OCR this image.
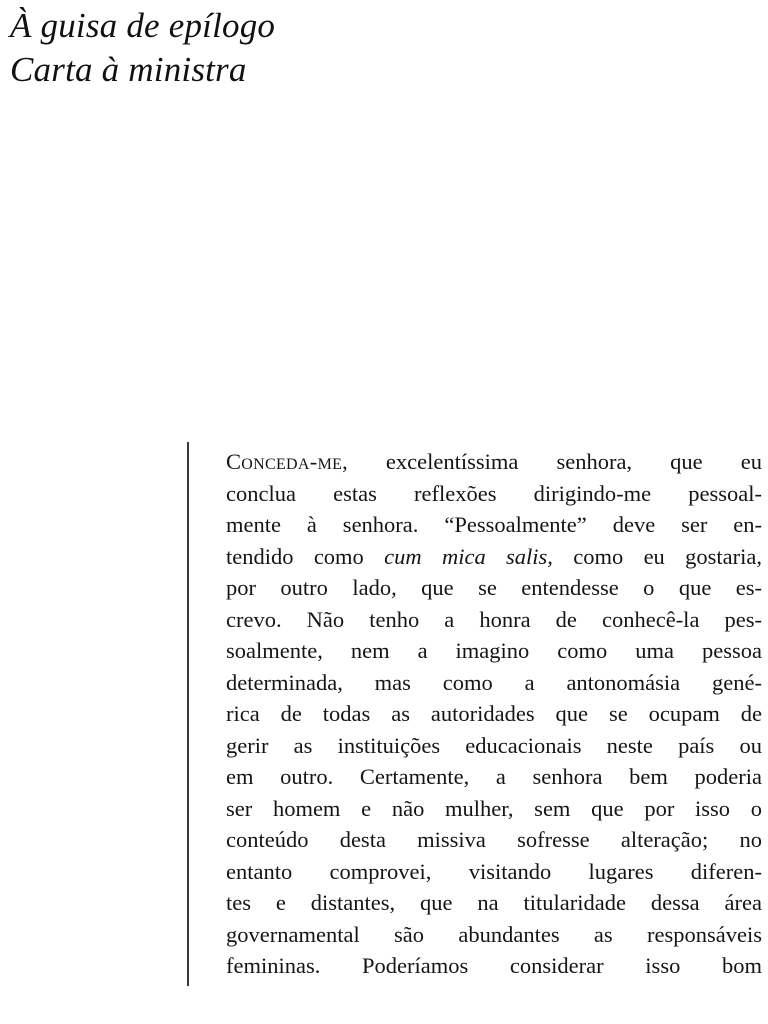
À guisa de epílogo
Carta à ministra
Conceda-me, excelentíssima senhora, que eu
conclua estas reflexões dirigindo-me pessoal-
mente à senhora. “Pessoalmente” deve ser en-
tendido como cum mica salis, como eu gostaria,
por outro lado, que se entendesse o que es-
crevo. Não tenho a honra de conhecê-la pes-
soalmente, nem a imagino como uma pessoa
determinada, mas como a antonomásia gené-
rica de todas as autoridades que se ocupam de
gerir as instituições educacionais neste país ou
em outro. Certamente, a senhora bem poderia
ser homem e não mulher, sem que por isso o
conteúdo desta missiva sofresse alteração; no
entanto comprovei, visitando lugares diferen-
tes e distantes, que na titularidade dessa área
governamental são abundantes as responsáveis
femininas. Poderíamos considerar isso bom
